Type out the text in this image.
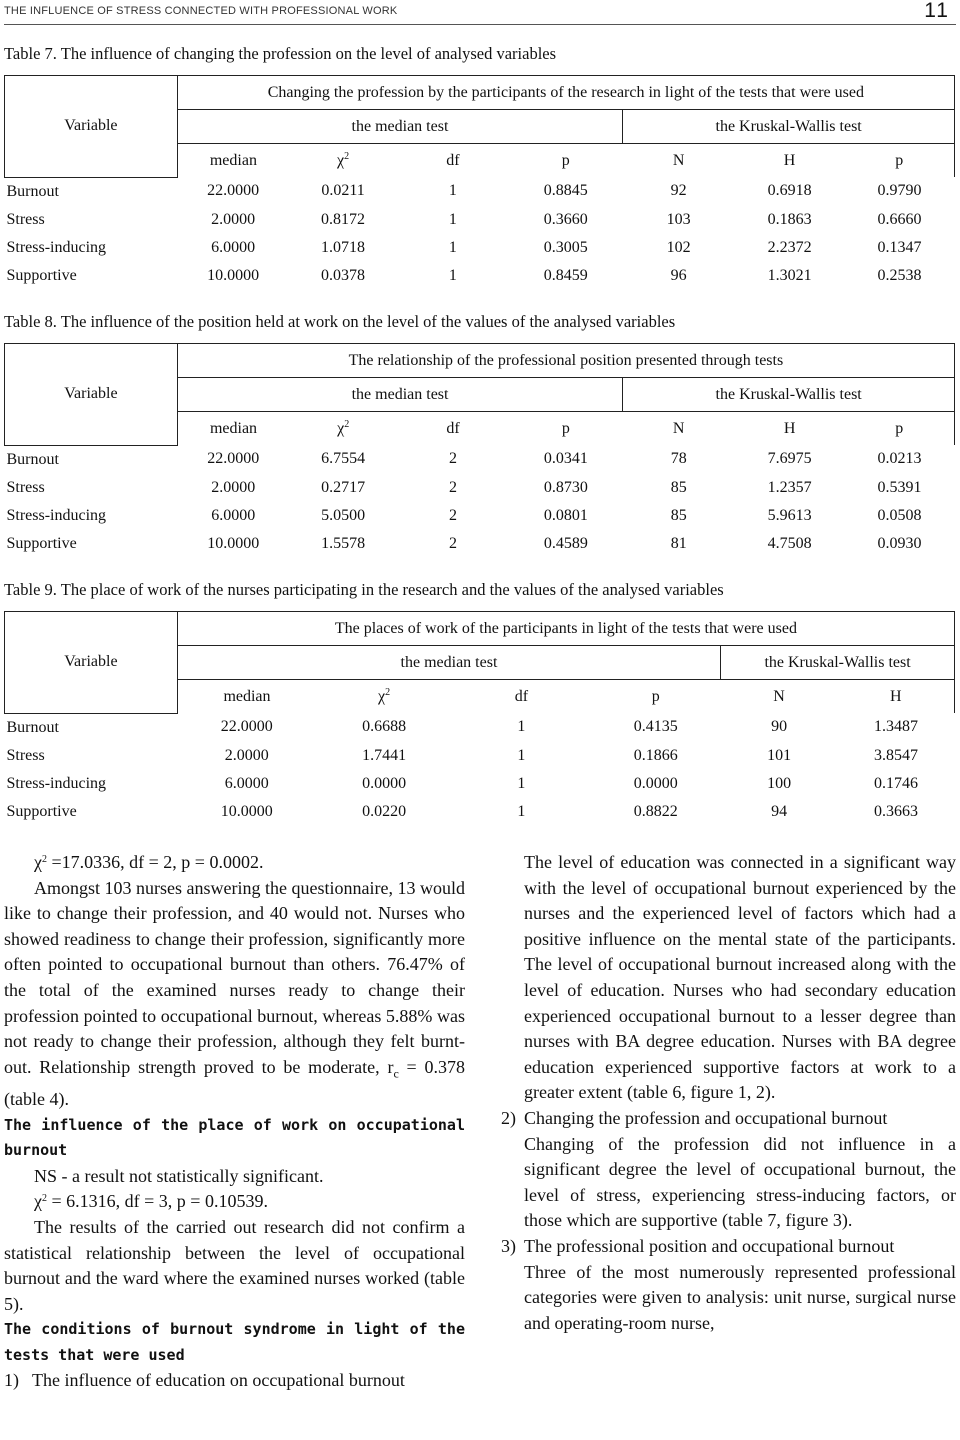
THE INFLUENCE OF STRESS CONNECTED WITH PROFESSIONAL WORK	11
Table 7. The influence of changing the profession on the level of analysed variables
Variable	Changing the profession by the participants of the research in light of the tests that were used						
	the median test				the Kruskal-Wallis test		
	median	$\chi^2$	df	p	N	H	p
Burnout	22.0000	0.0211	1	0.8845	92	0.6918	0.9790
Stress	2.0000	0.8172	1	0.3660	103	0.1863	0.6660
Stress-inducing	6.0000	1.0718	1	0.3005	102	2.2372	0.1347
Supportive	10.0000	0.0378	1	0.8459	96	1.3021	0.2538
Table 8. The influence of the position held at work on the level of the values of the analysed variables
Variable	The relationship of the professional position presented through tests						
	the median test				the Kruskal-Wallis test		
	median	$\chi^2$	df	p	N	H	p
Burnout	22.0000	6.7554	2	0.0341	78	7.6975	0.0213
Stress	2.0000	0.2717	2	0.8730	85	1.2357	0.5391
Stress-inducing	6.0000	5.0500	2	0.0801	85	5.9613	0.0508
Supportive	10.0000	1.5578	2	0.4589	81	4.7508	0.0930
Table 9. The place of work of the nurses participating in the research and the values of the analysed variables
Variable	The places of work of the participants in light of the tests that were used					
	the median test				the Kruskal-Wallis test	
	median	$\chi^2$	df	p	N	H
Burnout	22.0000	0.6688	1	0.4135	90	1.3487
Stress	2.0000	1.7441	1	0.1866	101	3.8547
Stress-inducing	6.0000	0.0000	1	0.0000	100	0.1746
Supportive	10.0000	0.0220	1	0.8822	94	0.3663

$\chi^2 =17.0336$, df = 2, p = 0.0002.

Amongst 103 nurses answering the questionnaire, 13 would like to change their profession, and 40 would not. Nurses who showed readiness to change their profession, significantly more often pointed to occupational burnout than others. 76.47% of the total of the examined nurses ready to change their profession pointed to occupational burnout, whereas 5.88% was not ready to change their profession, although they felt burnt-out. Relationship strength proved to be moderate, $r_c = 0.378$ (table 4).

The influence of the place of work on occupational burnout

NS - a result not statistically significant.

$\chi^2 = 6.1316$, df = 3, p = 0.10539.

The results of the carried out research did not confirm a statistical relationship between the level of occupational burnout and the ward where the examined nurses worked (table 5).

The conditions of burnout syndrome in light of the tests that were used

1) The influence of education on occupational burnout

The level of education was connected in a significant way with the level of occupational burnout experienced by the nurses and the experienced level of factors which had a positive influence on the mental state of the participants. The level of occupational burnout increased along with the level of education. Nurses who had secondary education experienced occupational burnout to a lesser degree than nurses with BA degree education. Nurses with BA degree education experienced supportive factors at work to a greater extent (table 6, figure 1, 2).

2) Changing the profession and occupational burnout

Changing of the profession did not influence in a significant degree the level of occupational burnout, the level of stress, experiencing stress-inducing factors, or those which are supportive (table 7, figure 3).

3) The professional position and occupational burnout

Three of the most numerously represented professional categories were given to analysis: unit nurse, surgical nurse and operating-room nurse,
